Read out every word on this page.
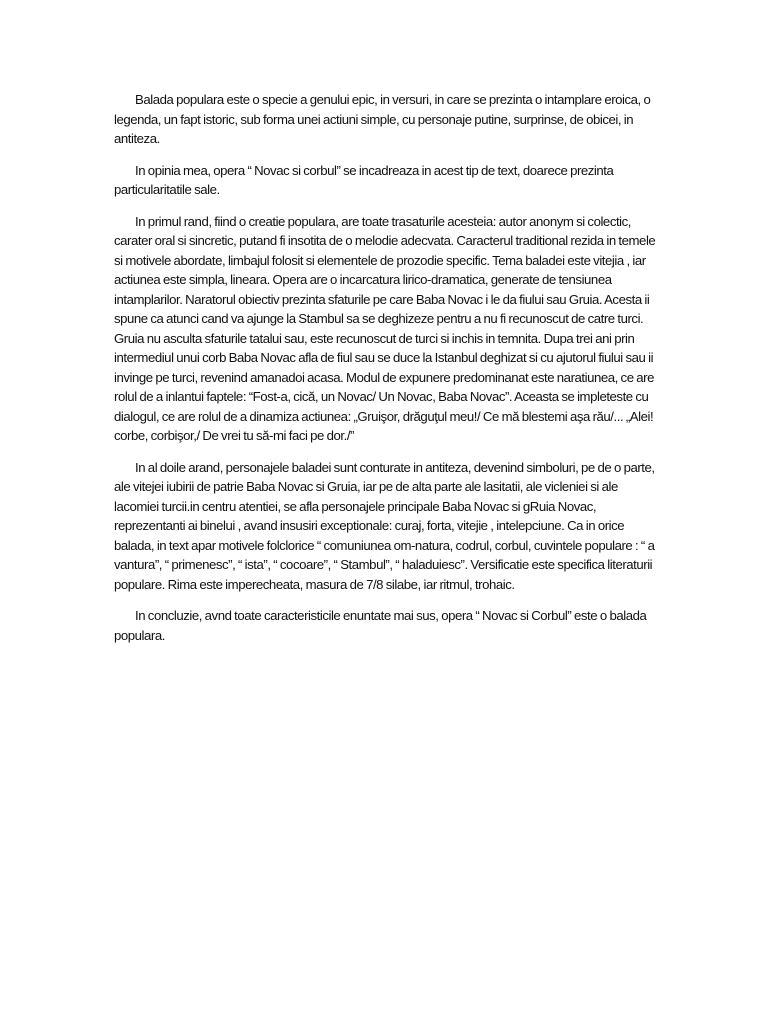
Balada populara este o specie a genului epic, in versuri, in care se prezinta o intamplare eroica, o legenda, un fapt istoric, sub forma unei actiuni simple, cu personaje putine, surprinse, de obicei, in antiteza.

In opinia mea, opera “ Novac si corbul” se incadreaza in acest tip de text, doarece prezinta particularitatile sale.

In primul rand, fiind o creatie populara, are toate trasaturile acesteia: autor anonym si colectic, carater oral si sincretic, putand fi insotita de o melodie adecvata. Caracterul traditional rezida in temele si motivele abordate, limbajul folosit si elementele de prozodie specific. Tema baladei este vitejia , iar actiunea este simpla, lineara. Opera are o incarcatura lirico-dramatica, generate de tensiunea intamplarilor. Naratorul obiectiv prezinta sfaturile pe care Baba Novac i le da fiului sau Gruia. Acesta ii spune ca atunci cand va ajunge la Stambul sa se deghizeze pentru a nu fi recunoscut de catre turci. Gruia nu asculta sfaturile tatalui sau, este recunoscut de turci si inchis in temnita. Dupa trei ani prin intermediul unui corb Baba Novac afla de fiul sau se duce la Istanbul deghizat si cu ajutorul fiului sau ii invinge pe turci, revenind amanadoi acasa. Modul de expunere predominanat este naratiunea, ce are rolul de a inlantui faptele: “Fost-a, cică, un Novac/ Un Novac, Baba Novac”. Aceasta se impleteste cu dialogul, ce are rolul de a dinamiza actiunea: „Gruişor, drăguţul meu!/ Ce mă blestemi aşa rău/... „Alei! corbe, corbişor,/ De vrei tu să-mi faci pe dor./”

In al doile arand, personajele baladei sunt conturate in antiteza, devenind simboluri, pe de o parte, ale vitejei iubirii de patrie Baba Novac si Gruia, iar pe de alta parte ale lasitatii, ale vicleniei si ale lacomiei turcii.in centru atentiei, se afla personajele principale Baba Novac si gRuia Novac, reprezentanti ai binelui , avand insusiri exceptionale: curaj, forta, vitejie , intelepciune. Ca in orice balada, in text apar motivele folclorice “ comuniunea om-natura, codrul, corbul, cuvintele populare : “ a vantura”, “ primenesc”, “ ista”, “ cocoare”, “ Stambul”, “ haladuiesc”. Versificatie este specifica literaturii populare. Rima este imperecheata, masura de 7/8 silabe, iar ritmul, trohaic.

In concluzie, avnd toate caracteristicile enuntate mai sus, opera “ Novac si Corbul” este o balada populara.
